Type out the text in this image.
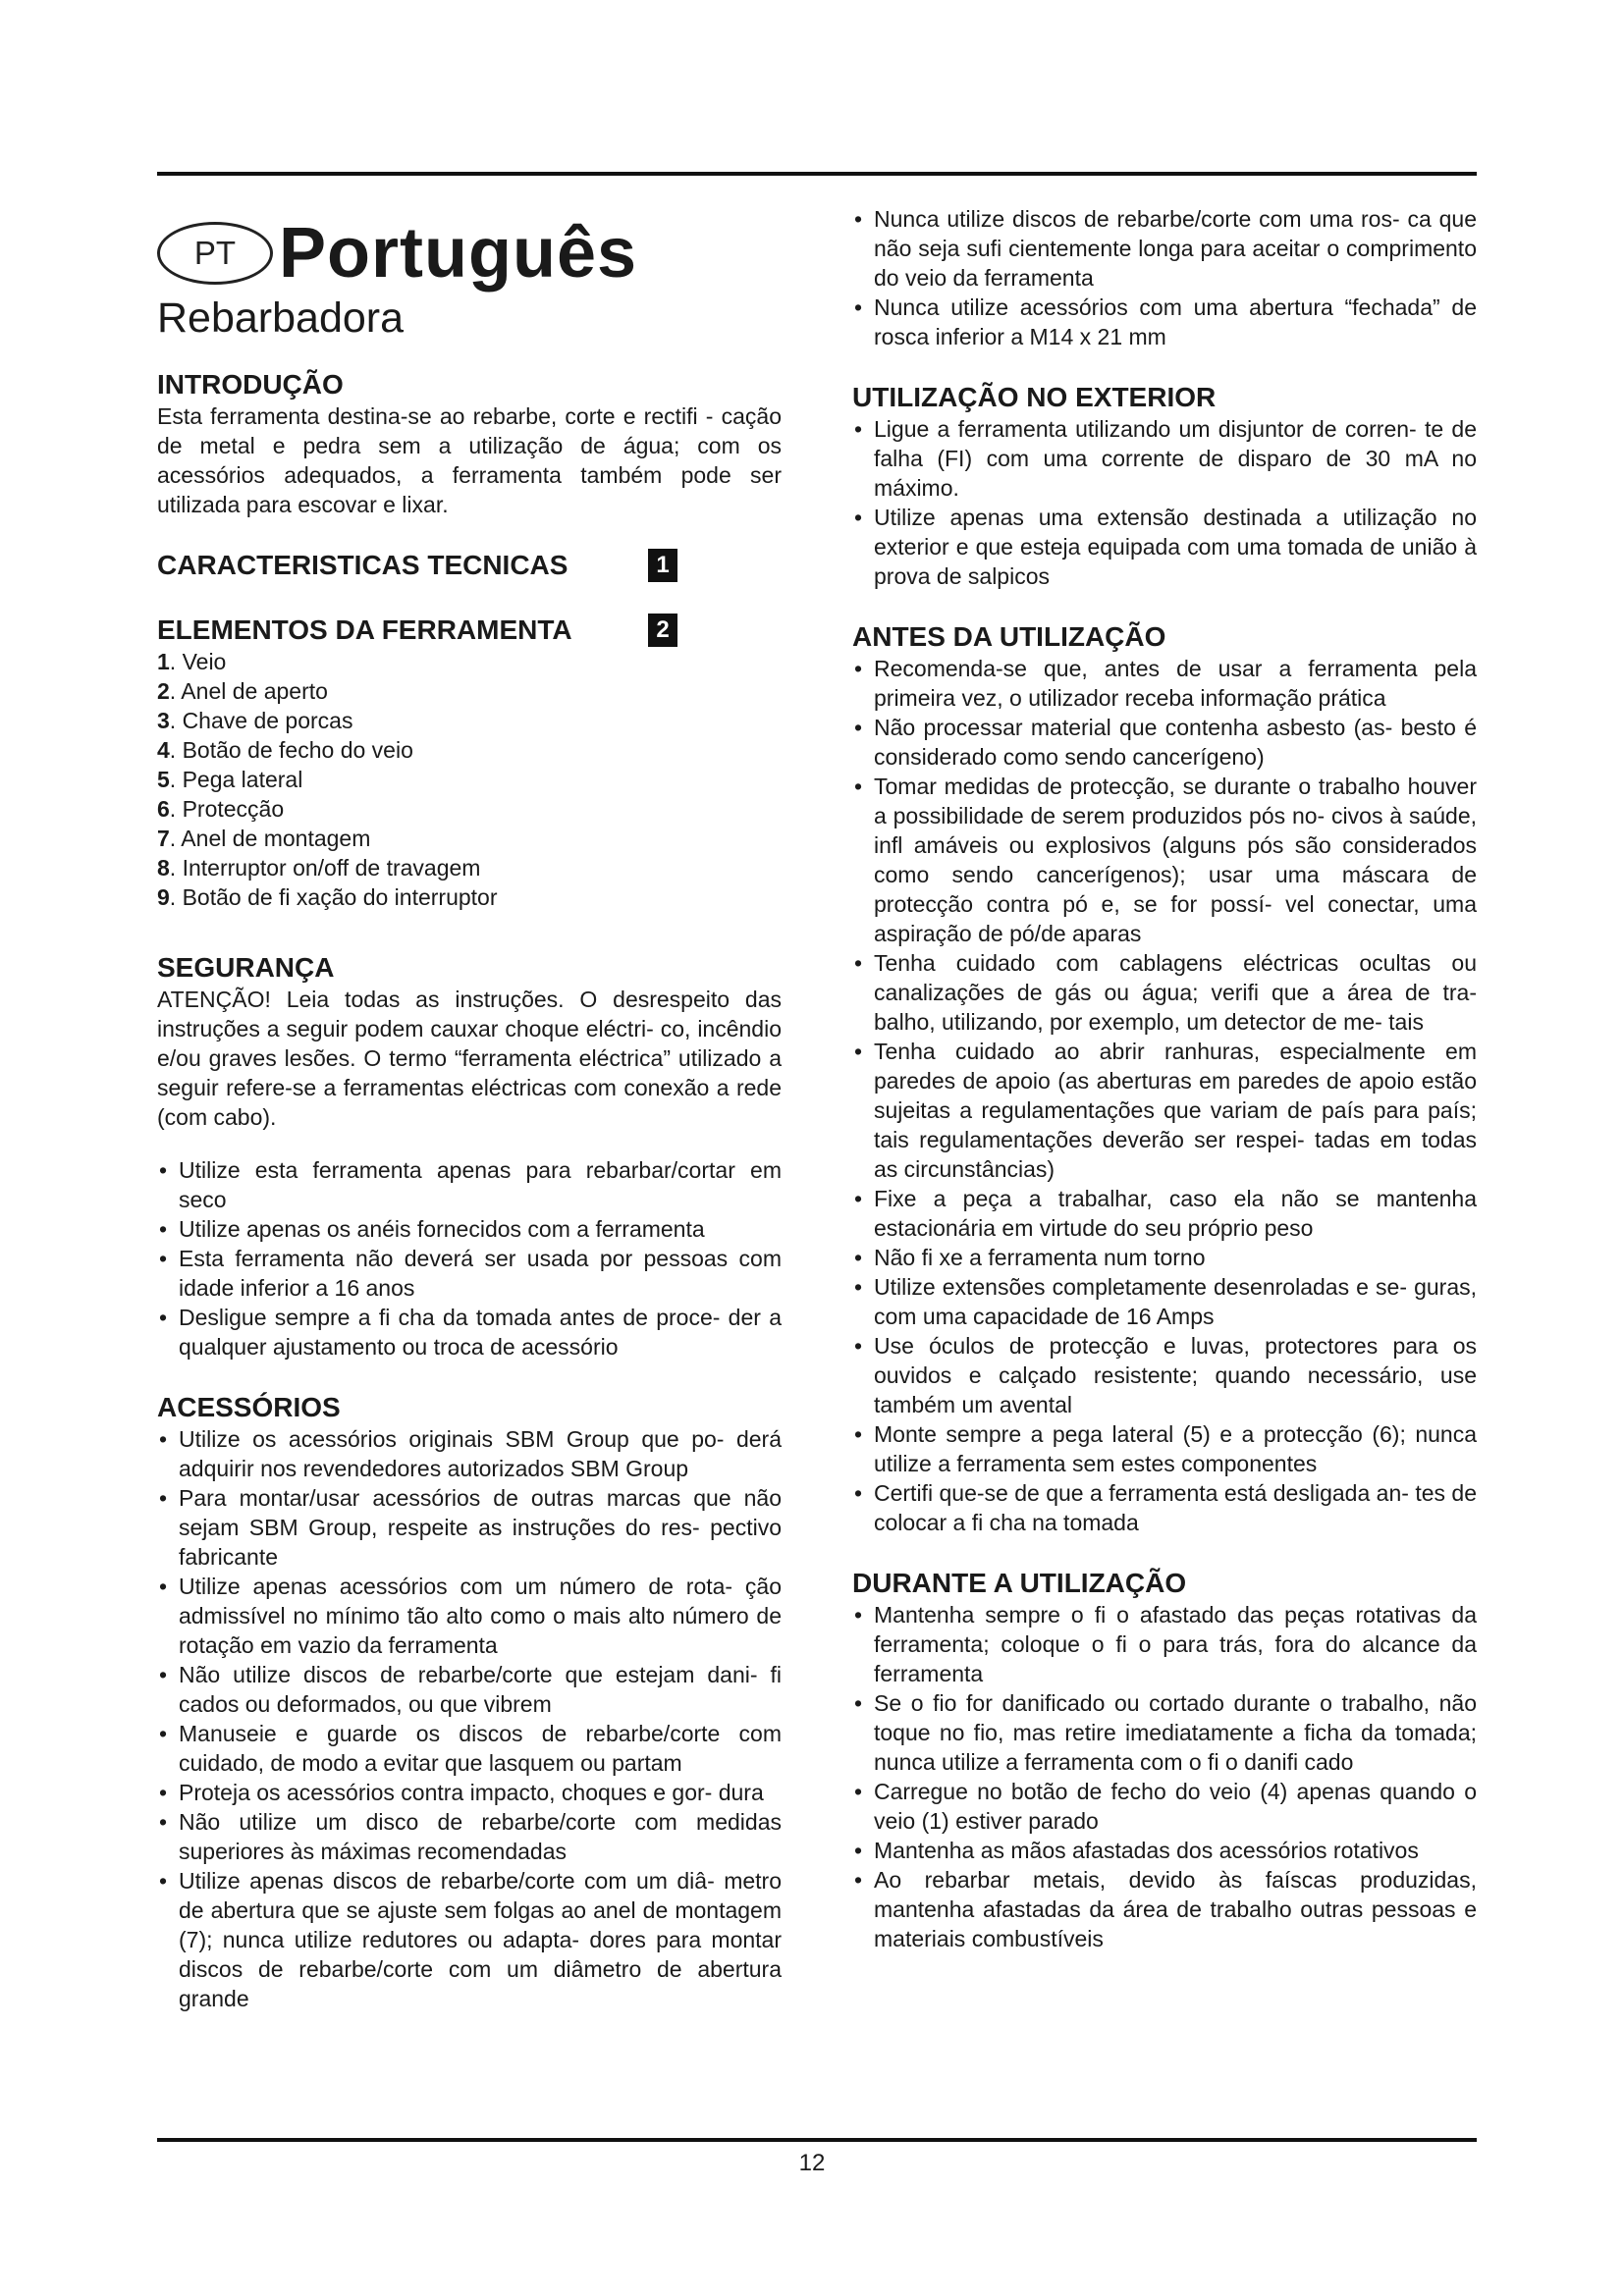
PT Português
Rebarbadora
INTRODUÇÃO

Esta ferramenta destina-se ao rebarbe, corte e rectifi - cação de metal e pedra sem a utilização de água; com os acessórios adequados, a ferramenta também pode ser utilizada para escovar e lixar.

CARACTERISTICAS TECNICAS	1
ELEMENTOS DA FERRAMENTA	2
1. Veio
2. Anel de aperto
3. Chave de porcas
4. Botão de fecho do veio
5. Pega lateral
6. Protecção
7. Anel de montagem
8. Interruptor on/off de travagem
9. Botão de fi xação do interruptor
SEGURANÇA

ATENÇÃO! Leia todas as instruções. O desrespeito das instruções a seguir podem cauxar choque eléctri- co, incêndio e/ou graves lesões. O termo “ferramenta eléctrica” utilizado a seguir refere-se a ferramentas eléctricas com conexão a rede (com cabo).

• Utilize esta ferramenta apenas para rebarbar/cortar em seco
• Utilize apenas os anéis fornecidos com a ferramenta
• Esta ferramenta não deverá ser usada por pessoas com idade inferior a 16 anos
• Desligue sempre a fi cha da tomada antes de proce- der a qualquer ajustamento ou troca de acessório
ACESSÓRIOS
• Utilize os acessórios originais SBM Group que po- derá adquirir nos revendedores autorizados SBM Group
• Para montar/usar acessórios de outras marcas que não sejam SBM Group, respeite as instruções do res- pectivo fabricante
• Utilize apenas acessórios com um número de rota- ção admissível no mínimo tão alto como o mais alto número de rotação em vazio da ferramenta
• Não utilize discos de rebarbe/corte que estejam dani- fi cados ou deformados, ou que vibrem
• Manuseie e guarde os discos de rebarbe/corte com cuidado, de modo a evitar que lasquem ou partam
• Proteja os acessórios contra impacto, choques e gor- dura
• Não utilize um disco de rebarbe/corte com medidas superiores às máximas recomendadas
• Utilize apenas discos de rebarbe/corte com um diâ- metro de abertura que se ajuste sem folgas ao anel de montagem (7); nunca utilize redutores ou adapta- dores para montar discos de rebarbe/corte com um diâmetro de abertura grande
• Nunca utilize discos de rebarbe/corte com uma ros- ca que não seja sufi cientemente longa para aceitar o comprimento do veio da ferramenta
• Nunca utilize acessórios com uma abertura “fechada” de rosca inferior a M14 x 21 mm
UTILIZAÇÃO NO EXTERIOR
• Ligue a ferramenta utilizando um disjuntor de corren- te de falha (FI) com uma corrente de disparo de 30 mA no máximo.
• Utilize apenas uma extensão destinada a utilização no exterior e que esteja equipada com uma tomada de união à prova de salpicos
ANTES DA UTILIZAÇÃO
• Recomenda-se que, antes de usar a ferramenta pela primeira vez, o utilizador receba informação prática
• Não processar material que contenha asbesto (as- besto é considerado como sendo cancerígeno)
• Tomar medidas de protecção, se durante o trabalho houver a possibilidade de serem produzidos pós no- civos à saúde, infl amáveis ou explosivos (alguns pós são considerados como sendo cancerígenos); usar uma máscara de protecção contra pó e, se for possí- vel conectar, uma aspiração de pó/de aparas
• Tenha cuidado com cablagens eléctricas ocultas ou canalizações de gás ou água; verifi que a área de tra- balho, utilizando, por exemplo, um detector de me- tais
• Tenha cuidado ao abrir ranhuras, especialmente em paredes de apoio (as aberturas em paredes de apoio estão sujeitas a regulamentações que variam de país para país; tais regulamentações deverão ser respei- tadas em todas as circunstâncias)
• Fixe a peça a trabalhar, caso ela não se mantenha estacionária em virtude do seu próprio peso
• Não fi xe a ferramenta num torno
• Utilize extensões completamente desenroladas e se- guras, com uma capacidade de 16 Amps
• Use óculos de protecção e luvas, protectores para os ouvidos e calçado resistente; quando necessário, use também um avental
• Monte sempre a pega lateral (5) e a protecção (6); nunca utilize a ferramenta sem estes componentes
• Certifi que-se de que a ferramenta está desligada an- tes de colocar a fi cha na tomada
DURANTE A UTILIZAÇÃO
• Mantenha sempre o fi o afastado das peças rotativas da ferramenta; coloque o fi o para trás, fora do alcance da ferramenta
• Se o fio for danificado ou cortado durante o trabalho, não toque no fio, mas retire imediatamente a ficha da tomada; nunca utilize a ferramenta com o fi o danifi cado
• Carregue no botão de fecho do veio (4) apenas quando o veio (1) estiver parado
• Mantenha as mãos afastadas dos acessórios rotativos
• Ao rebarbar metais, devido às faíscas produzidas, mantenha afastadas da área de trabalho outras pessoas e materiais combustíveis
12
